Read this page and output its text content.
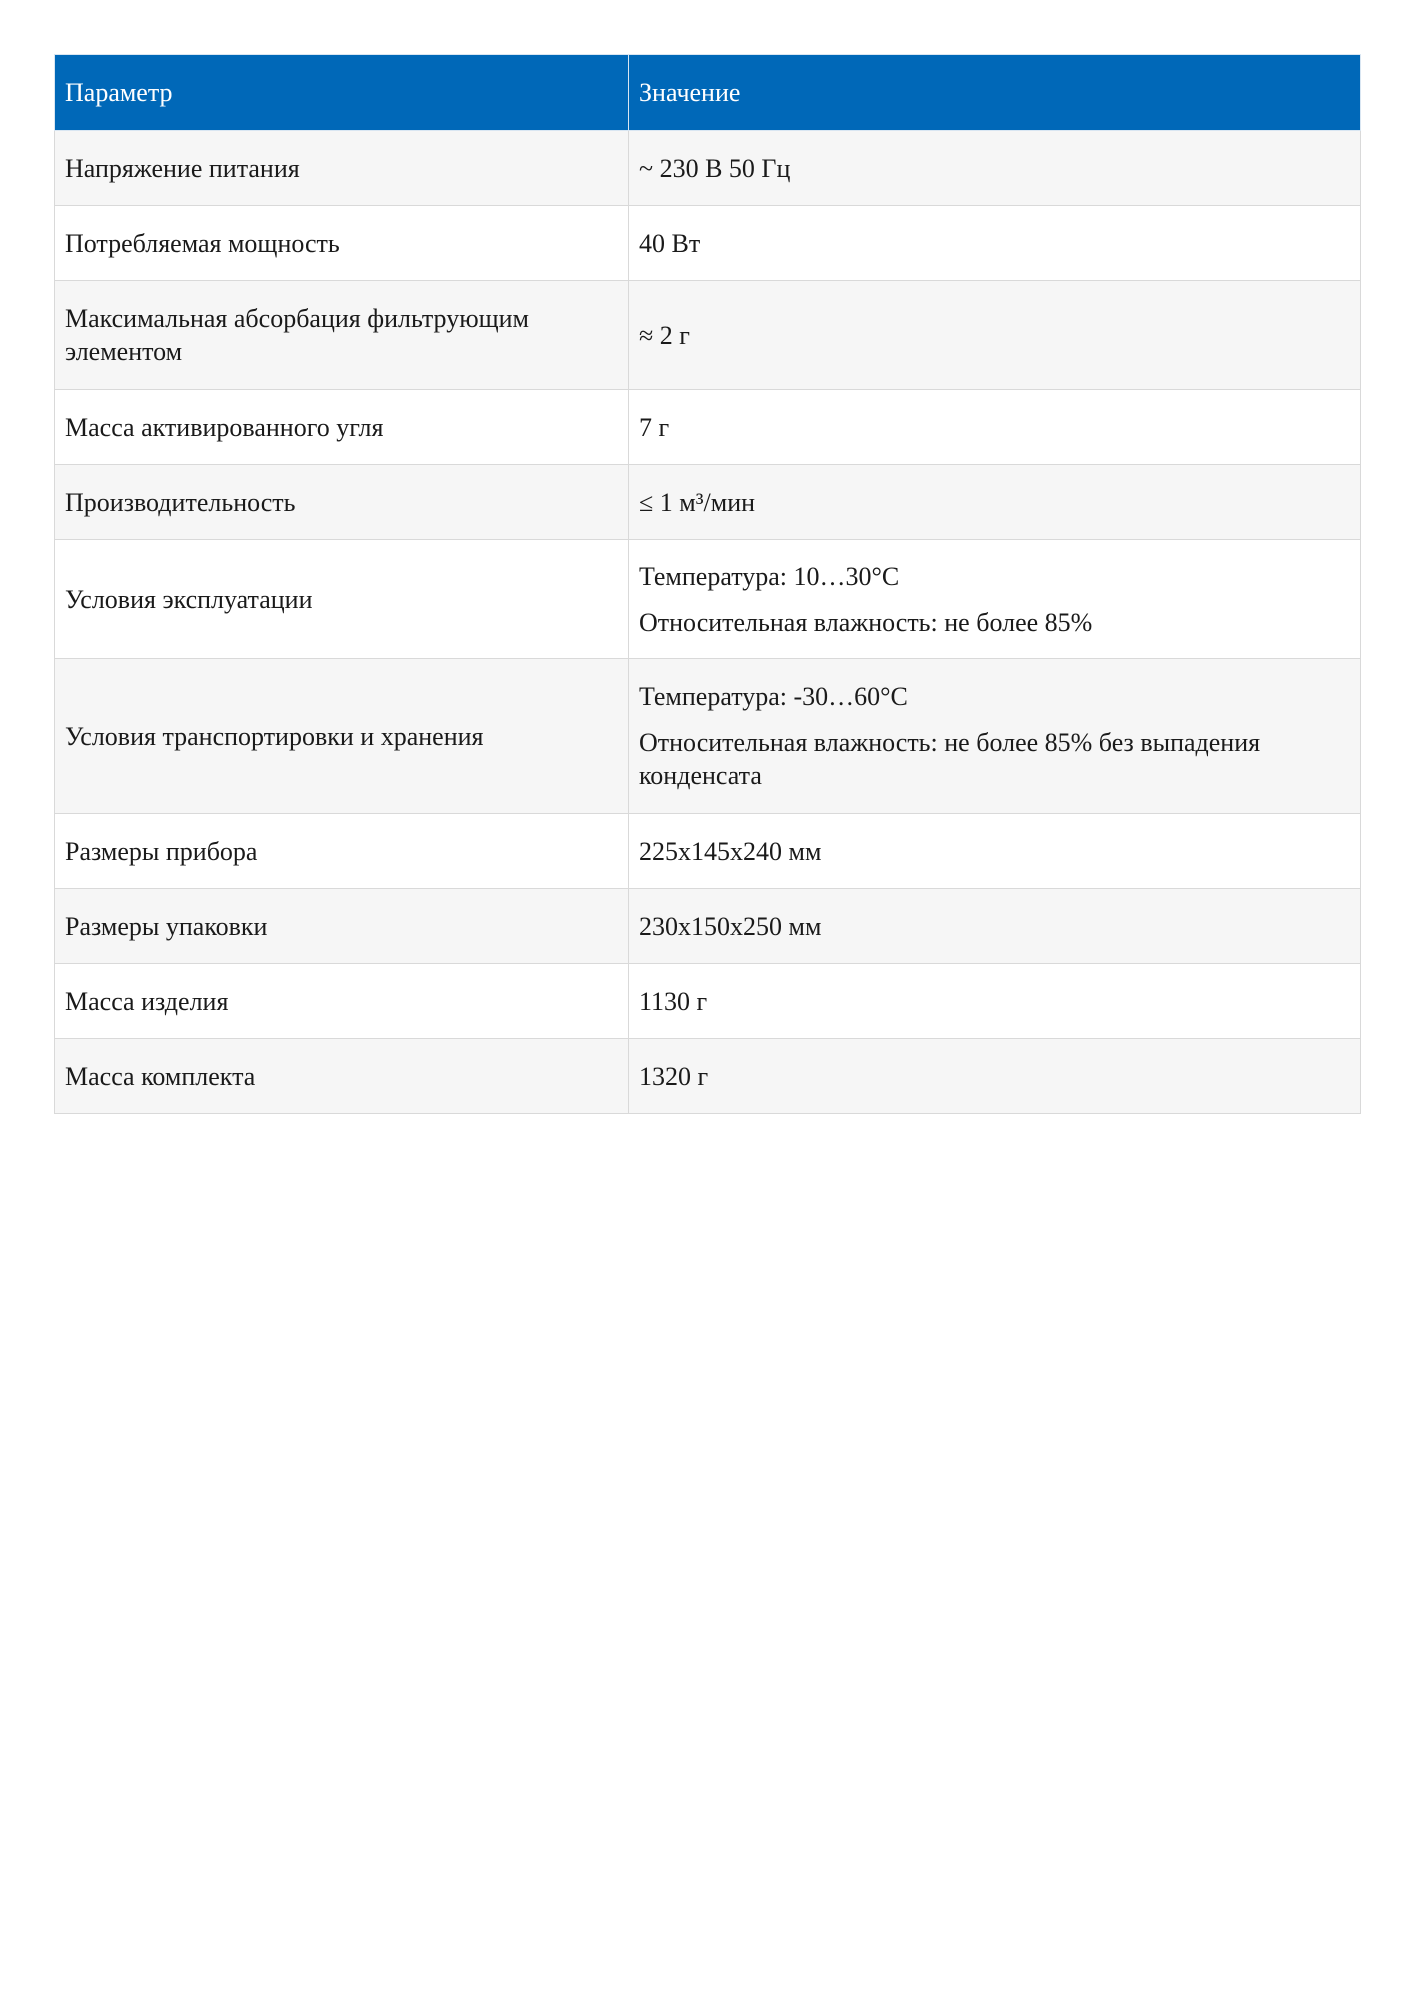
Параметр	Значение
Напряжение питания	~ 230 В 50 Гц

Потребляемая мощность	40 Вт

Максимальная абсорбация фильтрующим элементом	≈ 2 г

Масса активированного угля	7 г

Производительность	≤ 1 м³/мин

Условия эксплуатации	Температура: 10…30°С
Относительная влажность: не более 85%

Условия транспортировки и хранения	Температура: -30…60°С
Относительная влажность: не более 85% без выпадения конденсата

Размеры прибора	225x145x240 мм

Размеры упаковки	230x150x250 мм

Масса изделия	1130 г

Масса комплекта	1320 г
